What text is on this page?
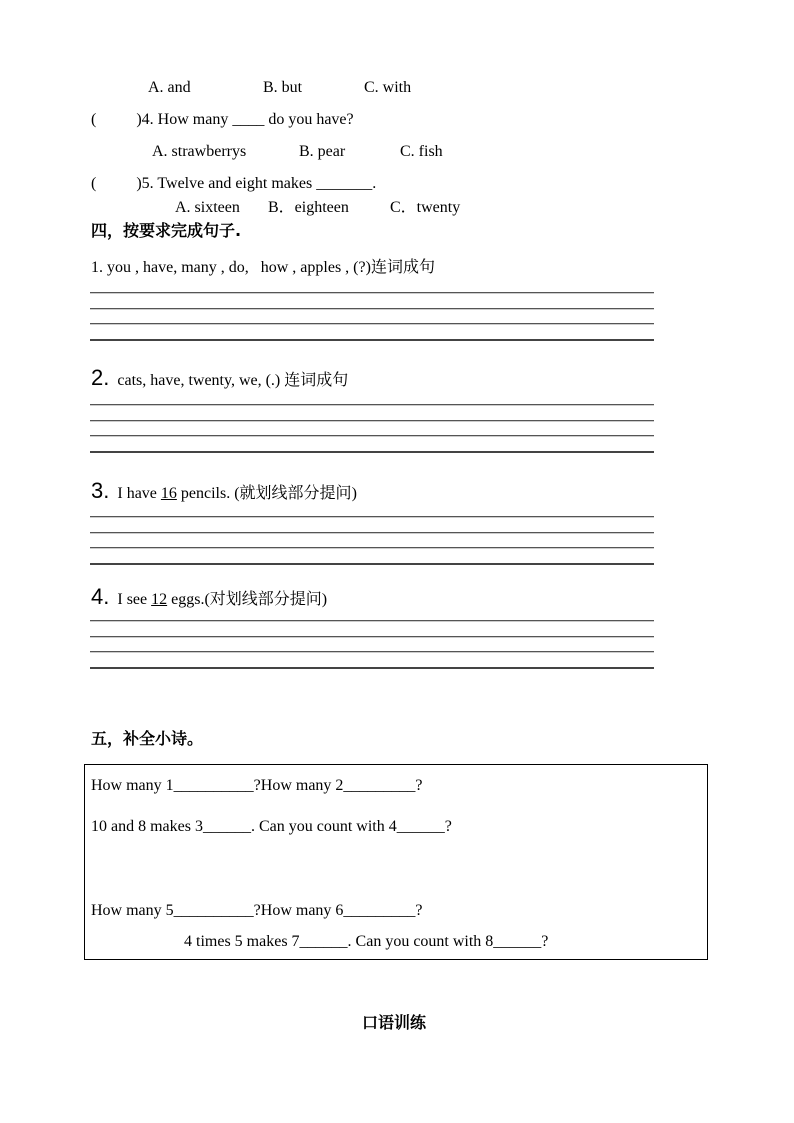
A. and	B. but	C. with
(	)4. How many ____ do you have?
A. strawberrys	B. pear	C. fish
(	)5. Twelve and eight makes _______.
A. sixteen B．eighteen	C．twenty
四，按要求完成句子.
1. you , have, many , do,   how , apples , (?)连词成句
2. cats, have, twenty, we, (.) 连词成句
3. I have 16 pencils. (就划线部分提问)
4. I see 12 eggs.(对划线部分提问)
五，补全小诗。
How many 1__________?How many 2_________?
10 and 8 makes 3______. Can you count with 4______?
How many 5__________?How many 6_________?
4 times 5 makes 7______. Can you count with 8______?
口语训练
